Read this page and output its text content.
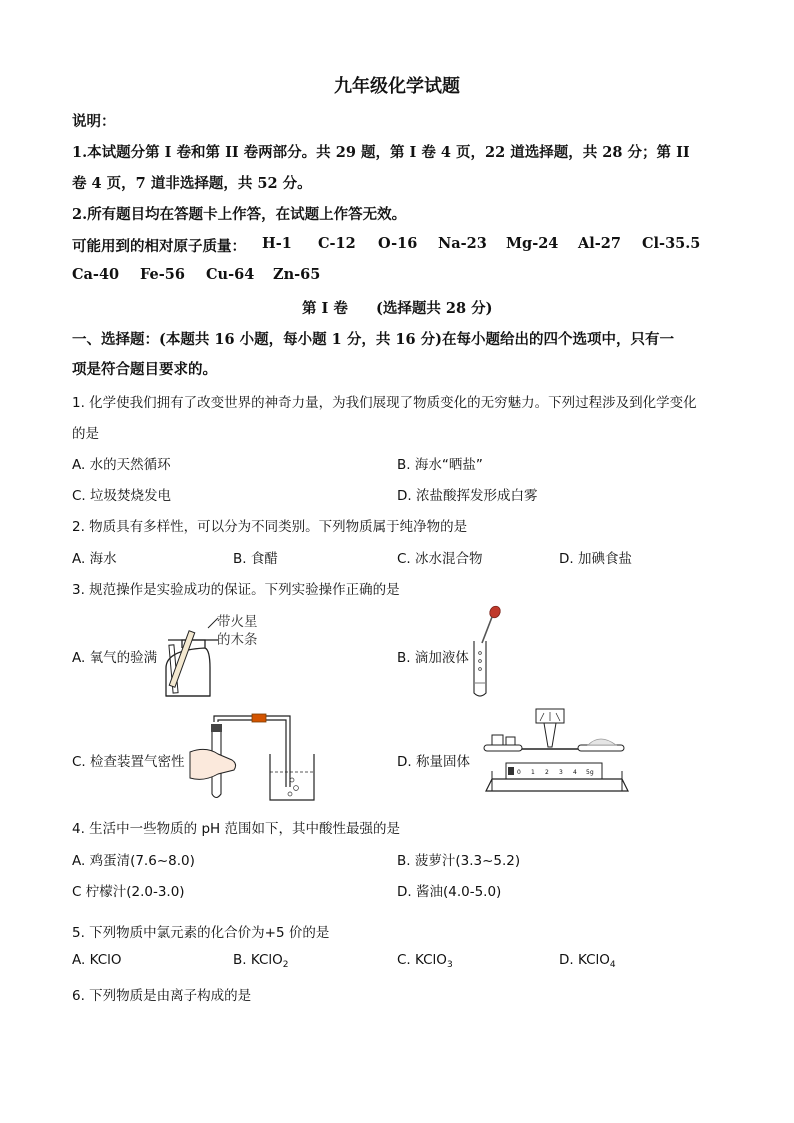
九年级化学试题
说明：
1.本试题分第 I 卷和第 II 卷两部分。共 29 题，第 I 卷 4 页，22 道选择题，共 28 分；第 II
卷 4 页，7 道非选择题，共 52 分。
2.所有题目均在答题卡上作答，在试题上作答无效。
可能用到的相对原子质量： H-1 C-12 O-16 Na-23 Mg-24 Al-27 Cl-35.5
Ca-40 Fe-56 Cu-64 Zn-65
第 I 卷 (选择题共 28 分)
一、选择题：(本题共 16 小题，每小题 1 分，共 16 分)在每小题给出的四个选项中，只有一
项是符合题目要求的。
1. 化学使我们拥有了改变世界的神奇力量，为我们展现了物质变化的无穷魅力。下列过程涉及到化学变化
的是
A. 水的天然循环	B. 海水“晒盐”
C. 垃圾焚烧发电	D. 浓盐酸挥发形成白雾
2. 物质具有多样性，可以分为不同类别。下列物质属于纯净物的是
A. 海水	B. 食醋	C. 冰水混合物	D. 加碘食盐
3. 规范操作是实验成功的保证。下列实验操作正确的是
A. 氧气的验满
带火星
的木条
B. 滴加液体
C. 检查装置气密性	D. 称量固体
0 1 2 3 4 5g
4. 生活中一些物质的 pH 范围如下，其中酸性最强的是
A. 鸡蛋清(7.6~8.0)	B. 菠萝汁(3.3~5.2)
C 柠檬汁(2.0-3.0)	D. 酱油(4.0-5.0)
5. 下列物质中氯元素的化合价为+5 价的是
A. KClO	B. KClO$_2$	C. KClO$_3$	D. KClO$_4$
6. 下列物质是由离子构成的是
